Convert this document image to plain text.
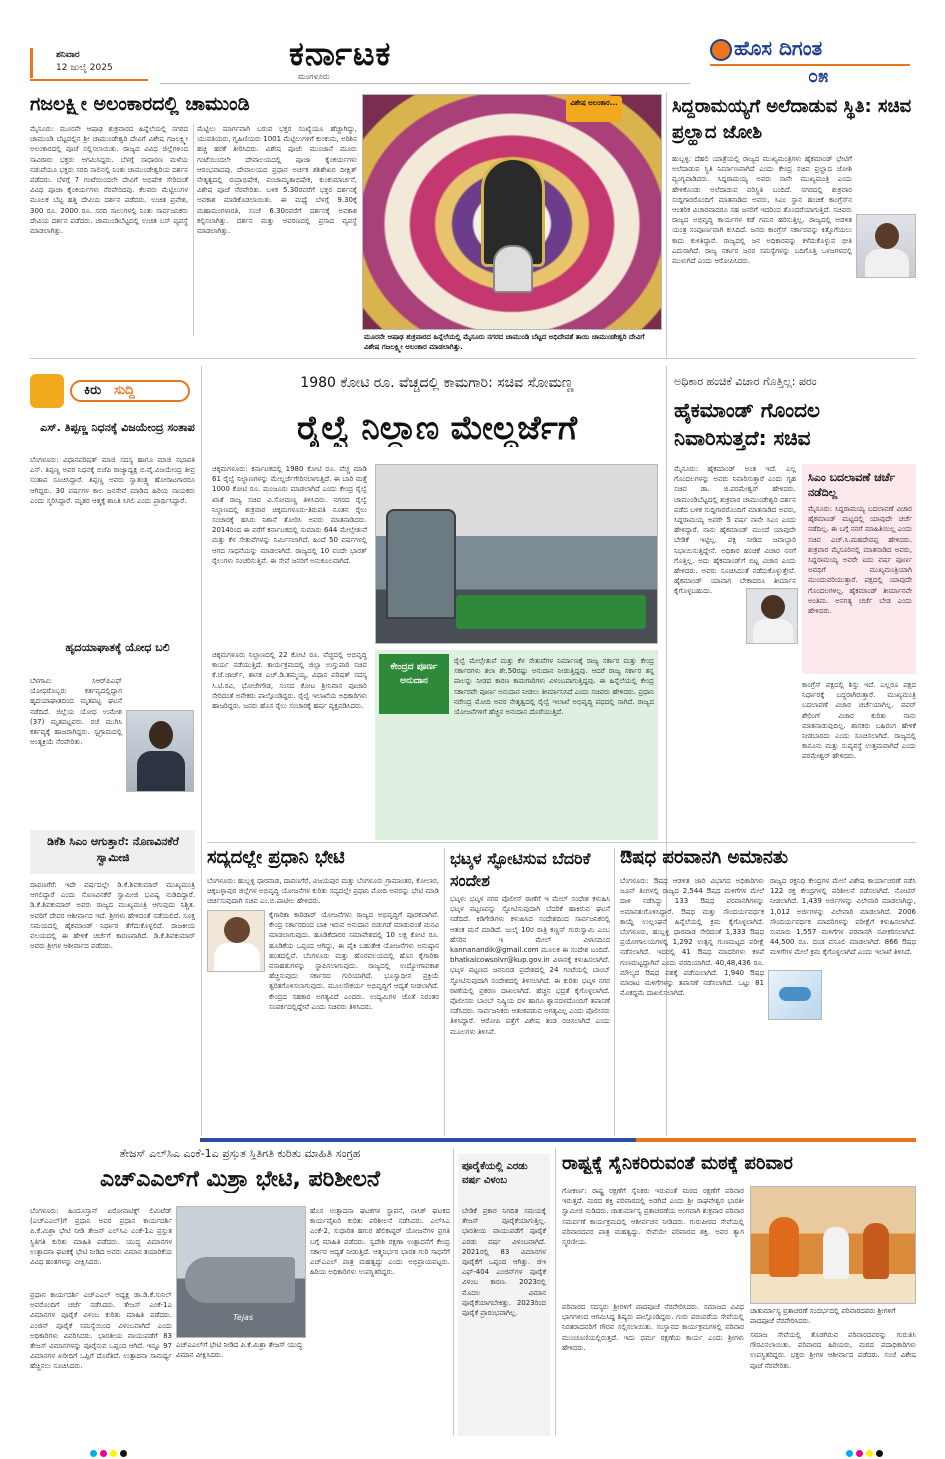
ಶನಿವಾರ
12 ಜುಲೈ 2025	ಕರ್ನಾಟಕ
ಮಂಗಳೂರು
ಹೊಸ ದಿಗಂತ
೦೫
ಗಜಲಕ್ಷ್ಮೀ ಅಲಂಕಾರದಲ್ಲಿ ಚಾಮುಂಡಿ
ಮೈಸೂರು: ಮೂರನೇ ಆಷಾಢ ಶುಕ್ರವಾರದ ಹಿನ್ನೆಲೆಯಲ್ಲಿ ನಗರದ ಚಾಮುಂಡಿ ಬೆಟ್ಟದಲ್ಲಿನ ಶ್ರೀ ಚಾಮುಂಡೇಶ್ವರಿ ದೇವಿಗೆ ವಿಶೇಷ ಗಜಲಕ್ಷ್ಮೀ ಅಲಂಕಾರದಲ್ಲಿ ಪೂಜೆ ಸಲ್ಲಿಸಲಾಯಿತು. ರಾಜ್ಯದ ವಿವಿಧ ಜಿಲ್ಲೆಗಳಿಂದ ಸಾವಿರಾರು ಭಕ್ತರು ಆಗಮಿಸಿದ್ದರು. ಬೆಳಗ್ಗೆ ಸಾಧಾರಣ ಮಳೆಯ ನಡುವೆಯೂ ಭಕ್ತರು ಸರದಿ ಸಾಲಿನಲ್ಲಿ ನಿಂತು ಚಾಮುಂಡೇಶ್ವರಿಯ ದರ್ಶನ ಪಡೆದರು. ಬೆಳಗ್ಗೆ 7 ಗಂಟೆಯಿಂದಲೇ ದೇವಿಗೆ ಅಭಿಷೇಕ ಸೇರಿದಂತೆ ವಿವಿಧ ಪೂಜಾ ಕೈಂಕರ್ಯಗಳು ನೆರವೇರಿದವು. ಕೆಲವರು ಮೆಟ್ಟಿಲುಗಳ ಮೂಲಕ ಬೆಟ್ಟ ಹತ್ತಿ ದೇವಿಯ ದರ್ಶನ ಪಡೆದರು. ಉಚಿತ ಪ್ರವೇಶ, 300 ರೂ. 2000 ರೂ. ಸರದಿ ಸಾಲುಗಳಲ್ಲಿ ನಿಂತು ಸಾರ್ವಜನಿಕರು ದೇವಿಯ ದರ್ಶನ ಪಡೆದರು. ಚಾಮುಂಡಿಬೆಟ್ಟದಲ್ಲಿ ಉಚಿತ ಬಸ್ ವ್ಯವಸ್ಥೆ ಮಾಡಲಾಗಿತ್ತು.
ಮೆಟ್ಟಿಲು ಮಾರ್ಗವಾಗಿ ಬರುವ ಭಕ್ತರ ಸಂಖ್ಯೆಯೂ ಹೆಚ್ಚಾಗಿದ್ದು, ಯುವತಿಯರು, ಗೃಹಿಣಿಯರು 1001 ಮೆಟ್ಟಿಲುಗಳಿಗೆ ಕುಂಕುಮ, ಅರಿಶಿನ ಹಚ್ಚಿ ಹರಕೆ ತೀರಿಸಿದರು. ವಿಶೇಷ ಪೂಜೆ: ಮುಂಜಾನೆ ಮೂರು ಗಂಟೆಯಿಂದಲೇ ದೇವಾಲಯದಲ್ಲಿ ಪೂಜಾ ಕೈಂಕರ್ಯಗಳು ಆರಂಭವಾದವು. ದೇವಾಲಯದ ಪ್ರಧಾನ ಅರ್ಚಕ ಶಶಿಶೇಖರ ದೀಕ್ಷಿತ್ ನೇತೃತ್ವದಲ್ಲಿ ರುದ್ರಾಭಿಷೇಕ, ಪಂಚಾಮೃತಾಭಿಷೇಕ, ಕುಂಕುಮಾರ್ಚನೆ, ವಿಶೇಷ ಪೂಜೆ ನೆರವೇರಿತು. ಬಳಿಕ 5.30ರವರೆಗೆ ಭಕ್ತರ ದರ್ಶನಕ್ಕೆ ಅವಕಾಶ ಮಾಡಿಕೊಡಲಾಯಿತು. ಈ ಮಧ್ಯೆ ಬೆಳಗ್ಗೆ 9.30ಕ್ಕೆ ಮಹಾಮಂಗಳಾರತಿ, ಸಂಜೆ 6.30ರವರೆಗೆ ದರ್ಶನಕ್ಕೆ ಅವಕಾಶ ಕಲ್ಪಿಸಲಾಗಿತ್ತು. ದರ್ಶನ ಮತ್ತು ಆವರಣದಲ್ಲಿ ಪ್ರಸಾದ ವ್ಯವಸ್ಥೆ ಮಾಡಲಾಗಿತ್ತು.
ವಿಶೇಷ ಅಲಂಕಾರ...
ಮೂರನೇ ಆಷಾಢ ಶುಕ್ರವಾರದ ಹಿನ್ನೆಲೆಯಲ್ಲಿ ಮೈಸೂರು ನಗರದ ಚಾಮುಂಡಿ ಬೆಟ್ಟದ ಅಧಿದೇವತೆ ತಾಯಿ ಚಾಮುಂಡೇಶ್ವರಿ ದೇವಿಗೆ ವಿಶೇಷ ಗಜಲಕ್ಷ್ಮೀ ಅಲಂಕಾರ ಮಾಡಲಾಗಿತ್ತು.
ಸಿದ್ದರಾಮಯ್ಯಗೆ ಅಲೆದಾಡುವ ಸ್ಥಿತಿ: ಸಚಿವ ಪ್ರಲ್ಹಾದ ಜೋಶಿ
ಹುಬ್ಬಳ್ಳಿ: ದೆಹಲಿ ಯಾತ್ರೆಯಲ್ಲಿ ರಾಜ್ಯದ ಮುಖ್ಯಮಂತ್ರಿಗಳು ಹೈಕಮಾಂಡ್ ಭೇಟಿಗೆ ಅಲೆದಾಡುವ ಸ್ಥಿತಿ ನಿರ್ಮಾಣವಾಗಿದೆ ಎಂದು ಕೇಂದ್ರ ಸಚಿವ ಪ್ರಲ್ಹಾದ ಜೋಶಿ ವ್ಯಂಗ್ಯವಾಡಿದರು. ಸಿದ್ದರಾಮಯ್ಯ ಅವರು ನಾನೇ ಮುಖ್ಯಮಂತ್ರಿ ಎಂದು ಹೇಳಿಕೊಂಡು ಅಲೆದಾಡುವ ಪರಿಸ್ಥಿತಿ ಬಂದಿದೆ. ನಗರದಲ್ಲಿ ಶುಕ್ರವಾರ ಸುದ್ದಿಗಾರರೊಂದಿಗೆ ಮಾತನಾಡಿದ ಅವರು, ಸಿಎಂ ಸ್ಥಾನ ಹಂಚಿಕೆ ಕಾಂಗ್ರೆಸ್‌ನ ಆಂತರಿಕ ವಿಚಾರವಾದರೂ ಸಹ ಜನರಿಗೆ ಇದರಿಂದ ತೊಂದರೆಯಾಗುತ್ತಿದೆ. ಸಚಿವರು ರಾಜ್ಯದ ಅಭಿವೃದ್ಧಿ ಕಾರ್ಯಗಳ ಕಡೆ ಗಮನ ಹರಿಸುತ್ತಿಲ್ಲ. ರಾಜ್ಯದಲ್ಲಿ ಆಡಳಿತ ಯಂತ್ರ ಸಂಪೂರ್ಣವಾಗಿ ಕುಸಿದಿದೆ. ಜನರು ಕಾಂಗ್ರೆಸ್ ಸರ್ಕಾರವನ್ನು ಕಿತ್ತೊಗೆಯಲು ಕಾದು ಕುಳಿತಿದ್ದಾರೆ. ರಾಜ್ಯದಲ್ಲಿ ಜನ ಅಧಿಕಾರವನ್ನು ಕಳೆದುಕೊಳ್ಳುವ ಭೀತಿ ಎದುರಾಗಿದೆ. ರಾಜ್ಯ ಸರ್ಕಾರ ಜನರ ಸಮಸ್ಯೆಗಳನ್ನು ಬದಿಗೊತ್ತಿ ಒಳಜಗಳದಲ್ಲಿ ಮುಳುಗಿದೆ ಎಂದು ಆರೋಪಿಸಿದರು.
ಕಿರು ಸುದ್ದಿ
ಎಸ್. ತಿಪ್ಪಣ್ಣ ನಿಧನಕ್ಕೆ ವಿಜಯೇಂದ್ರ ಸಂತಾಪ
ಬೆಂಗಳೂರು: ವಿಧಾನಪರಿಷತ್ ಮಾಜಿ ಸದಸ್ಯ ಹಾಗೂ ಮಾಜಿ ಸಭಾಪತಿ ಎಸ್. ತಿಪ್ಪಣ್ಣ ಅವರ ನಿಧನಕ್ಕೆ ಬಿಜೆಪಿ ರಾಜ್ಯಾಧ್ಯಕ್ಷ ಬಿ.ವೈ.ವಿಜಯೇಂದ್ರ ತೀವ್ರ ಸಂತಾಪ ಸೂಚಿಸಿದ್ದಾರೆ. ತಿಪ್ಪಣ್ಣ ಅವರು ಸ್ವಾತಂತ್ರ್ಯ ಹೋರಾಟಗಾರರೂ ಆಗಿದ್ದರು. 30 ವರ್ಷಗಳ ಕಾಲ ಜನಸೇವೆ ಮಾಡಿದ ಹಿರಿಯ ನಾಯಕರು ಎಂದು ಸ್ಮರಿಸಿದ್ದಾರೆ. ಮೃತರ ಆತ್ಮಕ್ಕೆ ಶಾಂತಿ ಸಿಗಲಿ ಎಂದು ಪ್ರಾರ್ಥಿಸಿದ್ದಾರೆ.
ಹೃದಯಾಘಾತಕ್ಕೆ ಯೋಧ ಬಲಿ
ಬೆಳಗಾವಿ: ಸಿಆರ್‌ಪಿಎಫ್ ಯೋಧರೊಬ್ಬರು ಕರ್ತವ್ಯದಲ್ಲಿದ್ದಾಗ ಹೃದಯಾಘಾತದಿಂದ ಮೃತಪಟ್ಟ ಘಟನೆ ನಡೆದಿದೆ. ಜಿಲ್ಲೆಯ ಯೋಧ ಉಮೇಶ (37) ಮೃತಪಟ್ಟವರು. ರಜೆ ಮುಗಿಸಿ ಕರ್ತವ್ಯಕ್ಕೆ ಹಾಜರಾಗಿದ್ದರು. ಸ್ವಗ್ರಾಮದಲ್ಲಿ ಅಂತ್ಯಕ್ರಿಯೆ ನೆರವೇರಿತು.
ಡಿಕೆಶಿ ಸಿಎಂ ಆಗುತ್ತಾರೆ: ನೊಣವಿನಕೆರೆ ಸ್ವಾಮೀಜಿ
ದಾವಣಗೆರೆ: ಇದೇ ವರ್ಷದಲ್ಲೇ ಡಿ.ಕೆ.ಶಿವಕುಮಾರ್ ಮುಖ್ಯಮಂತ್ರಿ ಆಗಲಿದ್ದಾರೆ ಎಂದು ನೊಣವಿನಕೆರೆ ಸ್ವಾಮೀಜಿ ಭವಿಷ್ಯ ನುಡಿದಿದ್ದಾರೆ. ಡಿ.ಕೆ.ಶಿವಕುಮಾರ್ ಅವರು ರಾಜ್ಯದ ಮುಖ್ಯಮಂತ್ರಿ ಆಗುವುದು ನಿಶ್ಚಿತ. ಅವರಿಗೆ ದೇವರ ಆಶೀರ್ವಾದ ಇದೆ. ಶ್ರೀಗಳು ಹೇಳಿದಂತೆ ನಡೆಯಲಿದೆ. ಸೂಕ್ತ ಸಮಯದಲ್ಲಿ ಹೈಕಮಾಂಡ್ ನಿರ್ಧಾರ ತೆಗೆದುಕೊಳ್ಳಲಿದೆ. ರಾಜಕೀಯ ವಲಯದಲ್ಲಿ ಈ ಹೇಳಿಕೆ ಚರ್ಚೆಗೆ ಕಾರಣವಾಗಿದೆ. ಡಿ.ಕೆ.ಶಿವಕುಮಾರ್ ಅವರು ಶ್ರೀಗಳ ಆಶೀರ್ವಾದ ಪಡೆದರು.
1980 ಕೋಟಿ ರೂ. ವೆಚ್ಚದಲ್ಲಿ ಕಾಮಗಾರಿ: ಸಚಿವ ಸೋಮಣ್ಣ
ರೈಲ್ವೆ ನಿಲ್ದಾಣ ಮೇಲ್ದರ್ಜೆಗೆ
ಚಿಕ್ಕಮಗಳೂರು: ಕರ್ನಾಟಕದಲ್ಲಿ 1980 ಕೋಟಿ ರೂ. ವೆಚ್ಚ ಮಾಡಿ 61 ರೈಲ್ವೆ ನಿಲ್ದಾಣಗಳನ್ನು ಮೇಲ್ದರ್ಜೆಗೇರಿಸಲಾಗುತ್ತಿದೆ. ಈ ಬಾರಿ ಮತ್ತೆ 1000 ಕೋಟಿ ರೂ. ಮಂಜೂರು ಮಾಡಲಾಗಿದೆ ಎಂದು ಕೇಂದ್ರ ರೈಲ್ವೆ ಖಾತೆ ರಾಜ್ಯ ಸಚಿವ ವಿ.ಸೋಮಣ್ಣ ತಿಳಿಸಿದರು. ನಗರದ ರೈಲ್ವೆ ನಿಲ್ದಾಣದಲ್ಲಿ ಶುಕ್ರವಾರ ಚಿಕ್ಕಮಗಳೂರು-ತಿರುಪತಿ ನೂತನ ರೈಲು ಸಂಚಾರಕ್ಕೆ ಹಸಿರು ನಿಶಾನೆ ತೋರಿಸಿ ಅವರು ಮಾತನಾಡಿದರು. 2014ರಿಂದ ಈ ವರೆಗೆ ಕರ್ನಾಟಕದಲ್ಲಿ ಸುಮಾರು 644 ಮೇಲ್ಸೇತುವೆ ಮತ್ತು ಕೆಳ ಸೇತುವೆಗಳನ್ನು ನಿರ್ಮಿಸಲಾಗಿದೆ. ಹಿಂದೆ 50 ವರ್ಷಗಳಲ್ಲಿ ಆಗದ ಸಾಧನೆಯನ್ನು ಮಾಡಲಾಗಿದೆ. ರಾಜ್ಯದಲ್ಲಿ 10 ವಂದೇ ಭಾರತ್ ರೈಲುಗಳು ಸಂಚರಿಸುತ್ತಿವೆ. ಈ ಸೇವೆ ಜನರಿಗೆ ಅನುಕೂಲವಾಗಿದೆ.
ಚಿಕ್ಕಮಗಳೂರು ನಿಲ್ದಾಣದಲ್ಲಿ 22 ಕೋಟಿ ರೂ. ವೆಚ್ಚದಲ್ಲಿ ಅಭಿವೃದ್ಧಿ ಕಾರ್ಯ ನಡೆಯುತ್ತಿದೆ. ಕಾರ್ಯಕ್ರಮದಲ್ಲಿ ಜಿಲ್ಲಾ ಉಸ್ತುವಾರಿ ಸಚಿವ ಕೆ.ಜೆ.ಜಾರ್ಜ್, ಶಾಸಕ ಎಚ್.ಡಿ.ತಮ್ಮಯ್ಯ, ವಿಧಾನ ಪರಿಷತ್ ಸದಸ್ಯ ಸಿ.ಟಿ.ರವಿ, ಭೋಜೇಗೌಡ, ಸಂಸದ ಕೋಟ ಶ್ರೀನಿವಾಸ ಪೂಜಾರಿ ಸೇರಿದಂತೆ ಅನೇಕರು ಪಾಲ್ಗೊಂಡಿದ್ದರು. ರೈಲ್ವೆ ಇಲಾಖೆಯ ಅಧಿಕಾರಿಗಳು ಹಾಜರಿದ್ದರು. ಜನರು ಹೊಸ ರೈಲು ಸಂಚಾರಕ್ಕೆ ಹರ್ಷ ವ್ಯಕ್ತಪಡಿಸಿದರು.
ಕೇಂದ್ರದ ಪೂರ್ಣ ಅನುದಾನ
ರೈಲ್ವೆ ಮೇಲ್ಸೇತುವೆ ಮತ್ತು ಕೆಳ ಸೇತುವೆಗಳ ನಿರ್ಮಾಣಕ್ಕೆ ರಾಜ್ಯ ಸರ್ಕಾರ ಮತ್ತು ಕೇಂದ್ರ ಸರ್ಕಾರಗಳು ತಲಾ ಶೇ.50ರಷ್ಟು ಅನುದಾನ ನೀಡುತ್ತಿದ್ದವು. ಆದರೆ ರಾಜ್ಯ ಸರ್ಕಾರ ತನ್ನ ಪಾಲನ್ನು ನೀಡದ ಕಾರಣ ಕಾಮಗಾರಿಗಳು ವಿಳಂಬವಾಗುತ್ತಿದ್ದವು. ಈ ಹಿನ್ನೆಲೆಯಲ್ಲಿ ಕೇಂದ್ರ ಸರ್ಕಾರವೇ ಪೂರ್ಣ ಅನುದಾನ ನೀಡಲು ತೀರ್ಮಾನಿಸಿದೆ ಎಂದು ಸಚಿವರು ಹೇಳಿದರು. ಪ್ರಧಾನಿ ನರೇಂದ್ರ ಮೋದಿ ಅವರ ನೇತೃತ್ವದಲ್ಲಿ ರೈಲ್ವೆ ಇಲಾಖೆ ಅಭಿವೃದ್ಧಿ ಪಥದಲ್ಲಿ ಸಾಗಿದೆ. ರಾಜ್ಯದ ಯೋಜನೆಗಳಿಗೆ ಹೆಚ್ಚಿನ ಅನುದಾನ ದೊರೆಯುತ್ತಿದೆ.
ಅಧಿಕಾರ ಹಂಚಿಕೆ ವಿಚಾರ ಗೊತ್ತಿಲ್ಲ: ಪರಂ
ಹೈಕಮಾಂಡ್ ಗೊಂದಲ ನಿವಾರಿಸುತ್ತದೆ: ಸಚಿವ
ಮೈಸೂರು: ಹೈಕಮಾಂಡ್ ಅಂತ ಇದೆ. ಎಲ್ಲ ಗೊಂದಲಗಳನ್ನು ಅವರು ನಿವಾರಿಸುತ್ತಾರೆ ಎಂದು ಗೃಹ ಸಚಿವ ಡಾ. ಜಿ.ಪರಮೇಶ್ವರ್ ಹೇಳಿದರು. ಚಾಮುಂಡಿಬೆಟ್ಟದಲ್ಲಿ ಶುಕ್ರವಾರ ಚಾಮುಂಡೇಶ್ವರಿ ದರ್ಶನ ಪಡೆದ ಬಳಿಕ ಸುದ್ದಿಗಾರರೊಂದಿಗೆ ಮಾತನಾಡಿದ ಅವರು, ಸಿದ್ದರಾಮಯ್ಯ ಅವರೇ 5 ವರ್ಷ ನಾನೇ ಸಿಎಂ ಎಂದು ಹೇಳಿದ್ದಾರೆ. ನಾನು ಹೈಕಮಾಂಡ್ ಮುಂದೆ ಯಾವುದೇ ಬೇಡಿಕೆ ಇಟ್ಟಿಲ್ಲ. ಪಕ್ಷ ನೀಡಿದ ಜವಾಬ್ದಾರಿ ನಿಭಾಯಿಸುತ್ತಿದ್ದೇನೆ. ಅಧಿಕಾರ ಹಂಚಿಕೆ ವಿಚಾರ ನನಗೆ ಗೊತ್ತಿಲ್ಲ. ಅದು ಹೈಕಮಾಂಡ್‌ಗೆ ಬಿಟ್ಟ ವಿಚಾರ ಎಂದು ಹೇಳಿದರು. ಅವರು ಸೂಚಿಸಿದಂತೆ ನಡೆದುಕೊಳ್ಳುತ್ತೇವೆ. ಹೈಕಮಾಂಡ್ ಯಾವಾಗ ಬೇಕಾದರೂ ತೀರ್ಮಾನ ಕೈಗೊಳ್ಳಬಹುದು.
ಸಿಎಂ ಬದಲಾವಣೆ ಚರ್ಚೆ ನಡೆದಿಲ್ಲ
ಮೈಸೂರು: ಸಿದ್ದರಾಮಯ್ಯ ಬದಲಾವಣೆ ವಿಚಾರ ಹೈಕಮಾಂಡ್ ಮಟ್ಟದಲ್ಲಿ ಯಾವುದೇ ಚರ್ಚೆ ನಡೆದಿಲ್ಲ. ಈ ಬಗ್ಗೆ ನನಗೆ ಮಾಹಿತಿಯಿಲ್ಲ ಎಂದು ಸಚಿವ ಎಚ್.ಸಿ.ಮಹದೇವಪ್ಪ ಹೇಳಿದರು. ಶುಕ್ರವಾರ ಮೈಸೂರಿನಲ್ಲಿ ಮಾತನಾಡಿದ ಅವರು, ಸಿದ್ದರಾಮಯ್ಯ ಅವರೇ ಐದು ವರ್ಷ ಪೂರ್ಣ ಅವಧಿಗೆ ಮುಖ್ಯಮಂತ್ರಿಯಾಗಿ ಮುಂದುವರಿಯುತ್ತಾರೆ. ಪಕ್ಷದಲ್ಲಿ ಯಾವುದೇ ಗೊಂದಲಗಳಿಲ್ಲ. ಹೈಕಮಾಂಡ್ ತೀರ್ಮಾನವೇ ಅಂತಿಮ. ಅನಗತ್ಯ ಚರ್ಚೆ ಬೇಡ ಎಂದು ಹೇಳಿದರು.
ಕಾಂಗ್ರೆಸ್ ಪಕ್ಷದಲ್ಲಿ ಶಿಸ್ತು ಇದೆ. ಎಲ್ಲರೂ ಪಕ್ಷದ ನಿರ್ಧಾರಕ್ಕೆ ಬದ್ಧರಾಗಿರುತ್ತಾರೆ. ಮುಖ್ಯಮಂತ್ರಿ ಬದಲಾವಣೆ ವಿಚಾರ ಚರ್ಚೆಯಾಗಿಲ್ಲ. ಪವರ್ ಶೇರಿಂಗ್ ವಿಚಾರ ಕುರಿತು ನಾನು ಮಾತನಾಡುವುದಿಲ್ಲ. ಶಾಸಕರು ಬಹಿರಂಗ ಹೇಳಿಕೆ ನೀಡಬಾರದು ಎಂದು ಸೂಚಿಸಲಾಗಿದೆ. ರಾಜ್ಯದಲ್ಲಿ ಕಾನೂನು ಮತ್ತು ಸುವ್ಯವಸ್ಥೆ ಉತ್ತಮವಾಗಿದೆ ಎಂದು ಪರಮೇಶ್ವರ್ ಹೇಳಿದರು.
ಸದ್ಯದಲ್ಲೇ ಪ್ರಧಾನಿ ಭೇಟಿ
ಬೆಂಗಳೂರು: ಹುಬ್ಬಳ್ಳಿ ಧಾರವಾಡ, ದಾವಣಗೆರೆ, ವಿಜಯಪುರ ಮತ್ತು ಬೆಂಗಳೂರು ಗ್ರಾಮಾಂತರ, ಕೋಲಾರ, ಚಿಕ್ಕಬಳ್ಳಾಪುರ ಜಿಲ್ಲೆಗಳ ಅಭಿವೃದ್ಧಿ ಯೋಜನೆಗಳ ಕುರಿತು ಸದ್ಯದಲ್ಲೇ ಪ್ರಧಾನಿ ಮೋದಿ ಅವರನ್ನು ಭೇಟಿ ಮಾಡಿ ಚರ್ಚಿಸುವುದಾಗಿ ಸಚಿವ ಎಂ.ಬಿ.ಪಾಟೀಲ ಹೇಳಿದರು.
ಕೈಗಾರಿಕಾ ಕಾರಿಡಾರ್ ಯೋಜನೆಗಳು ರಾಜ್ಯದ ಅಭಿವೃದ್ಧಿಗೆ ಪೂರಕವಾಗಿವೆ. ಕೇಂದ್ರ ಸರ್ಕಾರದಿಂದ ಬಾಕಿ ಇರುವ ಅನುದಾನ ಬಿಡುಗಡೆ ಮಾಡುವಂತೆ ಮನವಿ ಮಾಡಲಾಗುವುದು. ಹೂಡಿಕೆದಾರರ ಸಮಾವೇಶದಲ್ಲಿ 10 ಲಕ್ಷ ಕೋಟಿ ರೂ. ಹೂಡಿಕೆಯ ಒಪ್ಪಂದ ಆಗಿದ್ದು, ಈ ಪೈಕಿ ಬಹುತೇಕ ಯೋಜನೆಗಳು ಅನುಷ್ಠಾನ ಹಂತದಲ್ಲಿವೆ. ಬೆಂಗಳೂರು ಮತ್ತು ಹೊರವಲಯದಲ್ಲಿ ಹೊಸ ಕೈಗಾರಿಕಾ ವಸಾಹತುಗಳನ್ನು ಸ್ಥಾಪಿಸಲಾಗುವುದು. ರಾಜ್ಯದಲ್ಲಿ ಉದ್ಯೋಗಾವಕಾಶ ಹೆಚ್ಚಿಸುವುದು ಸರ್ಕಾರದ ಗುರಿಯಾಗಿದೆ. ಭೂಸ್ವಾಧೀನ ಪ್ರಕ್ರಿಯೆ ತ್ವರಿತಗೊಳಿಸಲಾಗುವುದು. ಮೂಲಸೌಕರ್ಯ ಅಭಿವೃದ್ಧಿಗೆ ಆದ್ಯತೆ ನೀಡಲಾಗಿದೆ. ಕೇಂದ್ರದ ಸಹಕಾರ ಅಗತ್ಯವಿದೆ ಎಂದರು. ಉದ್ಯಮಿಗಳ ಜೊತೆ ನಿರಂತರ ಸಂಪರ್ಕದಲ್ಲಿದ್ದೇವೆ ಎಂದು ಸಚಿವರು ತಿಳಿಸಿದರು.
ಭಟ್ಕಳ ಸ್ಫೋಟಿಸುವ ಬೆದರಿಕೆ ಸಂದೇಶ
ಭಟ್ಕಳ: ಭಟ್ಕಳ ನಗರ ಪೊಲೀಸ್ ಠಾಣೆಗೆ ಇ ಮೇಲ್ ಸಂದೇಶ ಕಳುಹಿಸಿ ಭಟ್ಕಳ ಪಟ್ಟಣವನ್ನು ಸ್ಫೋಟಿಸುವುದಾಗಿ ಬೆದರಿಕೆ ಹಾಕಿರುವ ಘಟನೆ ನಡೆದಿದೆ. ಕಿಡಿಗೇಡಿಗಳು ಕಳುಹಿಸಿದ ಸಂದೇಶದಿಂದ ಸಾರ್ವಜನಿಕರಲ್ಲಿ ಆತಂಕ ಮನೆ ಮಾಡಿದೆ. ಜುಲೈ 10ರ ರಾತ್ರಿ ಕಣ್ಣನ್ ಗುರುಸ್ವಾಮಿ ಎಂಬ ಹೆಸರಿನ ಇ ಮೇಲ್ ವಿಳಾಸದಿಂದ kannanandik@gmail.com ಮೂಲಕ ಈ ಸಂದೇಶ ಬಂದಿದೆ. bhatkalcowsolvr@kup.gov.in ವಿಳಾಸಕ್ಕೆ ಕಳುಹಿಸಲಾಗಿದೆ. ಭಟ್ಕಳ ಪಟ್ಟಣದ ಜನನಿಬಿಡ ಪ್ರದೇಶದಲ್ಲಿ 24 ಗಂಟೆಯಲ್ಲಿ ಬಾಂಬ್ ಸ್ಫೋಟಿಸುವುದಾಗಿ ಸಂದೇಶದಲ್ಲಿ ತಿಳಿಸಲಾಗಿದೆ. ಈ ಕುರಿತು ಭಟ್ಕಳ ನಗರ ಠಾಣೆಯಲ್ಲಿ ಪ್ರಕರಣ ದಾಖಲಾಗಿದೆ. ಹೆಚ್ಚಿನ ಭದ್ರತೆ ಕೈಗೊಳ್ಳಲಾಗಿದೆ. ಪೊಲೀಸರು ಬಾಂಬ್ ನಿಷ್ಕ್ರಿಯ ದಳ ಹಾಗೂ ಶ್ವಾನದಳದೊಂದಿಗೆ ತಪಾಸಣೆ ನಡೆಸಿದರು. ಸಾರ್ವಜನಿಕರು ಆತಂಕಪಡುವ ಅಗತ್ಯವಿಲ್ಲ ಎಂದು ಪೊಲೀಸರು ತಿಳಿಸಿದ್ದಾರೆ. ಆರೋಪಿ ಪತ್ತೆಗೆ ವಿಶೇಷ ತಂಡ ರಚಿಸಲಾಗಿದೆ ಎಂದು ಮೂಲಗಳು ತಿಳಿಸಿವೆ.
ಔಷಧ ಪರವಾನಗಿ ಅಮಾನತು
ಬೆಂಗಳೂರು: ಔಷಧ ಆಡಳಿತ ಜಾರಿ ವಿಭಾಗದ ಅಧಿಕಾರಿಗಳು ಜೂನ್ ತಿಂಗಳಲ್ಲಿ ರಾಜ್ಯದ 2,544 ಔಷಧ ಮಳಿಗೆಗಳ ಮೇಲೆ ದಾಳಿ ನಡೆಸಿದ್ದು 133 ಔಷಧ ಪರವಾನಗಿಗಳನ್ನು ಅಮಾನತುಗೊಳಿಸಿದ್ದಾರೆ. ಔಷಧ ಮತ್ತು ಸೌಂದರ್ಯವರ್ಧಕ ಕಾಯ್ದೆ ಉಲ್ಲಂಘನೆ ಹಿನ್ನೆಲೆಯಲ್ಲಿ ಕ್ರಮ ಕೈಗೊಳ್ಳಲಾಗಿದೆ. ಬೆಂಗಳೂರು, ಹುಬ್ಬಳ್ಳಿ ಧಾರವಾಡ ಸೇರಿದಂತೆ 1,333 ಔಷಧ ಪ್ರಯೋಗಾಲಯಗಳಲ್ಲಿ 1,292 ಉತ್ಪನ್ನ ಗುಣಮಟ್ಟದ ಪರೀಕ್ಷೆ ನಡೆಸಲಾಗಿದೆ. ಇದರಲ್ಲಿ 41 ಔಷಧ ಮಾದರಿಗಳು ಕಳಪೆ ಗುಣಮಟ್ಟದ್ದಾಗಿವೆ ಎಂದು ವರದಿಯಾಗಿದೆ. 40,48,436 ರೂ. ಮೌಲ್ಯದ ಔಷಧ ವಶಕ್ಕೆ ಪಡೆಯಲಾಗಿದೆ. 1,940 ಔಷಧ ಮಾರಾಟ ಮಳಿಗೆಗಳನ್ನು ತಪಾಸಣೆ ನಡೆಸಲಾಗಿದೆ. ಒಟ್ಟು 81 ಮೊಕದ್ದಮೆ ದಾಖಲಿಸಲಾಗಿದೆ.
ರಾಜ್ಯದ ರಕ್ತನಿಧಿ ಕೇಂದ್ರಗಳ ಮೇಲೆ ವಿಶೇಷ ಕಾರ್ಯಾಚರಣೆ ನಡೆಸಿ 122 ರಕ್ತ ಕೇಂದ್ರಗಳಲ್ಲಿ ಪರಿಶೀಲನೆ ನಡೆಸಲಾಗಿದೆ. ನೋಟಿಸ್ ನೀಡಲಾಗಿದೆ. 1,439 ಅರ್ಜಿಗಳನ್ನು ವಿಲೇವಾರಿ ಮಾಡಲಾಗಿದ್ದು, 1,012 ಅರ್ಜಿಗಳನ್ನು ವಿಲೇವಾರಿ ಮಾಡಲಾಗಿದೆ. 2006 ಸೌಂದರ್ಯವರ್ಧಕ ಮಾದರಿಗಳನ್ನು ಪರೀಕ್ಷೆಗೆ ಕಳುಹಿಸಲಾಗಿದೆ. ಸುಮಾರು 1,557 ಮಳಿಗೆಗಳ ಪರವಾನಗಿ ನವೀಕರಿಸಲಾಗಿದೆ. 44,500 ರೂ. ದಂಡ ವಸೂಲಿ ಮಾಡಲಾಗಿದೆ. 866 ಔಷಧ ಮಳಿಗೆಗಳ ಮೇಲೆ ಕ್ರಮ ಕೈಗೊಳ್ಳಲಾಗಿದೆ ಎಂದು ಇಲಾಖೆ ತಿಳಿಸಿದೆ.
ತೇಜಸ್ ಎಲ್‌ಸಿಎ ಎಂಕೆ-1ಎ ಪ್ರಸ್ತುತ ಸ್ಥಿತಿಗತಿ ಕುರಿತು ಮಾಹಿತಿ ಸಂಗ್ರಹ
ಎಚ್‌ಎಎಲ್‌ಗೆ ಮಿಶ್ರಾ ಭೇಟಿ, ಪರಿಶೀಲನೆ
ಬೆಂಗಳೂರು: ಹಿಂದೂಸ್ತಾನ್ ಏರೋನಾಟಿಕ್ಸ್ ಲಿಮಿಟೆಡ್ (ಎಚ್‌ಎಎಲ್)ಗೆ ಪ್ರಧಾನಿ ಅವರ ಪ್ರಧಾನ ಕಾರ್ಯದರ್ಶಿ ಪಿ.ಕೆ.ಮಿಶ್ರಾ ಭೇಟಿ ನೀಡಿ ತೇಜಸ್ ಎಲ್‌ಸಿಎ ಎಂಕೆ-1ಎ ಪ್ರಸ್ತುತ ಸ್ಥಿತಿಗತಿ ಕುರಿತು ಮಾಹಿತಿ ಪಡೆದರು. ಯುದ್ಧ ವಿಮಾನಗಳ ಉತ್ಪಾದನಾ ಘಟಕಕ್ಕೆ ಭೇಟಿ ನೀಡಿದ ಅವರು ವಿಮಾನ ತಯಾರಿಕೆಯ ವಿವಿಧ ಹಂತಗಳನ್ನು ವೀಕ್ಷಿಸಿದರು.
Tejas
ಎಚ್‌ಎಎಲ್‌ಗೆ ಭೇಟಿ ನೀಡಿದ ಪಿ.ಕೆ.ಮಿಶ್ರಾ ತೇಜಸ್ ಯುದ್ಧ ವಿಮಾನ ವೀಕ್ಷಿಸಿದರು.
ಪ್ರಧಾನ ಕಾರ್ಯದರ್ಶಿ ಎಚ್‌ಎಎಲ್ ಅಧ್ಯಕ್ಷ ಡಾ.ಡಿ.ಕೆ.ಸುನಿಲ್ ಅವರೊಂದಿಗೆ ಚರ್ಚೆ ನಡೆಸಿದರು. ತೇಜಸ್ ಎಂಕೆ-1ಎ ವಿಮಾನಗಳ ಪೂರೈಕೆ ವಿಳಂಬ ಕುರಿತು ಮಾಹಿತಿ ಪಡೆದರು. ಎಂಜಿನ್ ಪೂರೈಕೆ ಸಮಸ್ಯೆಯಿಂದ ವಿಳಂಬವಾಗಿದೆ ಎಂದು ಅಧಿಕಾರಿಗಳು ವಿವರಿಸಿದರು. ಭಾರತೀಯ ವಾಯುಪಡೆಗೆ 83 ತೇಜಸ್ ವಿಮಾನಗಳನ್ನು ಪೂರೈಸುವ ಒಪ್ಪಂದ ಆಗಿದೆ. ಇನ್ನೂ 97 ವಿಮಾನಗಳ ಖರೀದಿಗೆ ಒಪ್ಪಿಗೆ ದೊರೆತಿದೆ. ಉತ್ಪಾದನಾ ಸಾಮರ್ಥ್ಯ ಹೆಚ್ಚಿಸಲು ಸೂಚಿಸಿದರು.
ಹೊಸ ಉತ್ಪಾದನಾ ಘಟಕಗಳ ಸ್ಥಾಪನೆ, ನಾಸಿಕ್ ಘಟಕದ ಕಾರ್ಯವೈಖರಿ ಕುರಿತು ಪರಿಶೀಲನೆ ನಡೆಸಿದರು. ಎಲ್‌ಸಿಎ ಎಂಕೆ-2, ಸುಧಾರಿತ ಹಗುರ ಹೆಲಿಕಾಪ್ಟರ್ ಯೋಜನೆಗಳ ಪ್ರಗತಿ ಬಗ್ಗೆ ಮಾಹಿತಿ ಪಡೆದರು. ಸ್ವದೇಶಿ ರಕ್ಷಣಾ ಉತ್ಪಾದನೆಗೆ ಕೇಂದ್ರ ಸರ್ಕಾರ ಆದ್ಯತೆ ನೀಡುತ್ತಿದೆ. ಆತ್ಮನಿರ್ಭರ ಭಾರತ ಗುರಿ ಸಾಧನೆಗೆ ಎಚ್‌ಎಎಲ್ ಪಾತ್ರ ಮಹತ್ವದ್ದು ಎಂದು ಅಭಿಪ್ರಾಯಪಟ್ಟರು. ಹಿರಿಯ ಅಧಿಕಾರಿಗಳು ಉಪಸ್ಥಿತರಿದ್ದರು.
ಪೂರೈಕೆಯಲ್ಲಿ ಎರಡು ವರ್ಷ ವಿಳಂಬ
ಬೇಡಿಕೆ ಪ್ರಕಾರ ನಿಗದಿತ ಸಮಯಕ್ಕೆ ತೇಜಸ್ ಪೂರೈಕೆಯಾಗುತ್ತಿಲ್ಲ. ಭಾರತೀಯ ವಾಯುಪಡೆಗೆ ಪೂರೈಕೆ ಎರಡು ವರ್ಷ ವಿಳಂಬವಾಗಿದೆ. 2021ರಲ್ಲಿ 83 ವಿಮಾನಗಳ ಪೂರೈಕೆಗೆ ಒಪ್ಪಂದ ಆಗಿತ್ತು. ಜಿಇ ಎಫ್-404 ಎಂಜಿನ್‌ಗಳ ಪೂರೈಕೆ ವಿಳಂಬ ಕಾರಣ. 2023ರಲ್ಲಿ ಮೊದಲ ವಿಮಾನ ಪೂರೈಕೆಯಾಗಬೇಕಿತ್ತು. 2023ರಿಂದ ಪೂರೈಕೆ ಪ್ರಾರಂಭವಾಗಿಲ್ಲ.
ರಾಷ್ಟ್ರಕ್ಕೆ ಸೈನಿಕರಿರುವಂತೆ ಮಠಕ್ಕೆ ಪರಿವಾರ
ಗೋಕರ್ಣ: ರಾಷ್ಟ್ರ ರಕ್ಷಣೆಗೆ ಸೈನಿಕರು ಇರುವಂತೆ ಮಠದ ರಕ್ಷಣೆಗೆ ಪರಿವಾರ ಇರುತ್ತದೆ. ಮಠದ ಶಕ್ತಿ ಪರಿವಾರದಲ್ಲಿ ಅಡಗಿದೆ ಎಂದು ಶ್ರೀ ರಾಘವೇಶ್ವರ ಭಾರತೀ ಸ್ವಾಮೀಜಿ ನುಡಿದರು. ಚಾತುರ್ಮಾಸ್ಯ ವ್ರತಾಚರಣೆಯ ಅಂಗವಾಗಿ ಶುಕ್ರವಾರ ಪರಿವಾರ ಸಮರ್ಪಣೆ ಕಾರ್ಯಕ್ರಮದಲ್ಲಿ ಆಶೀರ್ವಚನ ನೀಡಿದರು. ಗುರುಪೀಠದ ಸೇವೆಯಲ್ಲಿ ಪರಿವಾರದವರ ಪಾತ್ರ ಮಹತ್ವದ್ದು. ಸೇವೆಯೇ ಪರಿವಾರದ ಶಕ್ತಿ. ಅವರ ತ್ಯಾಗ ಸ್ಮರಣೀಯ.
ಚಾತುರ್ಮಾಸ್ಯ ವ್ರತಾಚರಣೆ ಸಂದರ್ಭದಲ್ಲಿ ಪರಿವಾರದವರು ಶ್ರೀಗಳಿಗೆ ಪಾದಪೂಜೆ ನೆರವೇರಿಸಿದರು.
ಪರಿವಾರದ ಸದಸ್ಯರು ಶ್ರೀಗಳಿಗೆ ಪಾದಪೂಜೆ ನೆರವೇರಿಸಿದರು. ಸಮಾಜದ ವಿವಿಧ ಭಾಗಗಳಿಂದ ಆಗಮಿಸಿದ್ದ ಶಿಷ್ಯರು ಪಾಲ್ಗೊಂಡಿದ್ದರು. ಗುರು ಪರಂಪರೆಯ ಸೇವೆಯಲ್ಲಿ ನಿರತರಾದವರಿಗೆ ಗೌರವ ಸಲ್ಲಿಸಲಾಯಿತು. ಸಂಸ್ಥಾನದ ಕಾರ್ಯಕ್ರಮಗಳಲ್ಲಿ ಪರಿವಾರ ಮುಂಚೂಣಿಯಲ್ಲಿರುತ್ತದೆ. ಇದು ಧರ್ಮ ರಕ್ಷಣೆಯ ಕಾರ್ಯ ಎಂದು ಶ್ರೀಗಳು ಹೇಳಿದರು.
ಸಮಾಜ ಸೇವೆಯಲ್ಲಿ ತೊಡಗಿರುವ ಪರಿವಾರದವರನ್ನು ಗುರುತಿಸಿ ಗೌರವಿಸಲಾಯಿತು. ಪರಿವಾರದ ಹಿರಿಯರು, ಮಠದ ಪದಾಧಿಕಾರಿಗಳು ಉಪಸ್ಥಿತರಿದ್ದರು. ಭಕ್ತರು ಶ್ರೀಗಳ ಆಶೀರ್ವಾದ ಪಡೆದರು. ಸಂಜೆ ವಿಶೇಷ ಪೂಜೆ ನೆರವೇರಿತು.
